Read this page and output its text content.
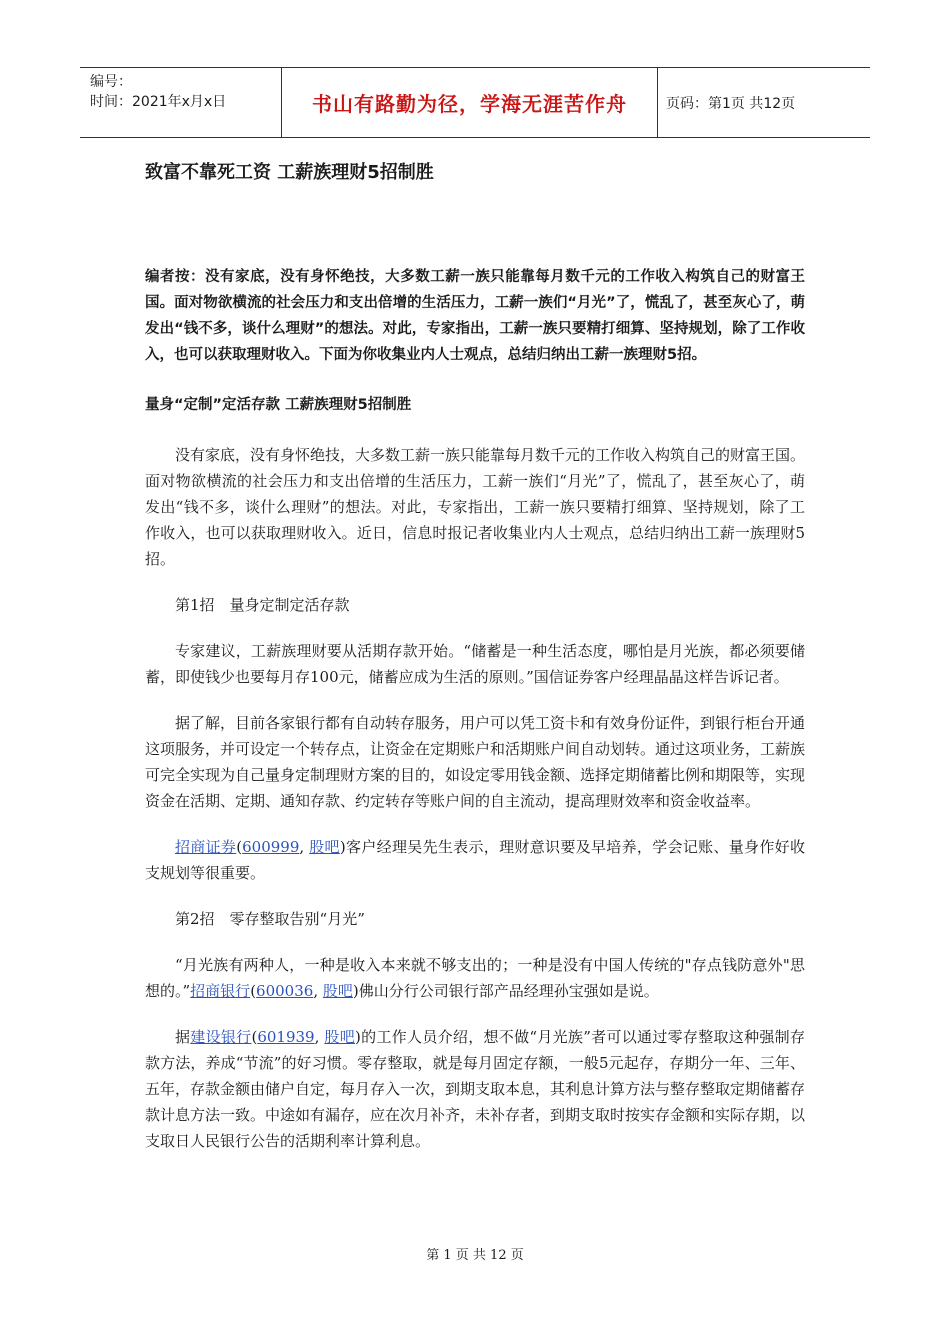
编号：
时间：2021年x月x日	书山有路勤为径，学海无涯苦作舟	页码：第1页 共12页
致富不靠死工资 工薪族理财5招制胜
编者按：没有家底，没有身怀绝技，大多数工薪一族只能靠每月数千元的工作收入构筑自己的财富王国。面对物欲横流的社会压力和支出倍增的生活压力，工薪一族们“月光”了，慌乱了，甚至灰心了，萌发出“钱不多，谈什么理财”的想法。对此，专家指出，工薪一族只要精打细算、坚持规划，除了工作收入，也可以获取理财收入。下面为你收集业内人士观点，总结归纳出工薪一族理财5招。
量身“定制”定活存款 工薪族理财5招制胜

没有家底，没有身怀绝技，大多数工薪一族只能靠每月数千元的工作收入构筑自己的财富王国。面对物欲横流的社会压力和支出倍增的生活压力，工薪一族们“月光”了，慌乱了，甚至灰心了，萌发出“钱不多，谈什么理财”的想法。对此，专家指出，工薪一族只要精打细算、坚持规划，除了工作收入，也可以获取理财收入。近日，信息时报记者收集业内人士观点，总结归纳出工薪一族理财5招。

第1招　量身定制定活存款

专家建议，工薪族理财要从活期存款开始。“储蓄是一种生活态度，哪怕是月光族，都必须要储蓄，即使钱少也要每月存100元，储蓄应成为生活的原则。”国信证券客户经理晶晶这样告诉记者。

据了解，目前各家银行都有自动转存服务，用户可以凭工资卡和有效身份证件，到银行柜台开通这项服务，并可设定一个转存点，让资金在定期账户和活期账户间自动划转。通过这项业务，工薪族可完全实现为自己量身定制理财方案的目的，如设定零用钱金额、选择定期储蓄比例和期限等，实现资金在活期、定期、通知存款、约定转存等账户间的自主流动，提高理财效率和资金收益率。

招商证券(600999, 股吧)客户经理吴先生表示，理财意识要及早培养，学会记账、量身作好收支规划等很重要。

第2招　零存整取告别“月光”

“月光族有两种人，一种是收入本来就不够支出的；一种是没有中国人传统的"存点钱防意外"思想的。”招商银行(600036, 股吧)佛山分行公司银行部产品经理孙宝强如是说。

据建设银行(601939, 股吧)的工作人员介绍，想不做“月光族”者可以通过零存整取这种强制存款方法，养成“节流”的好习惯。零存整取，就是每月固定存额，一般5元起存，存期分一年、三年、五年，存款金额由储户自定，每月存入一次，到期支取本息，其利息计算方法与整存整取定期储蓄存款计息方法一致。中途如有漏存，应在次月补齐，未补存者，到期支取时按实存金额和实际存期，以支取日人民银行公告的活期利率计算利息。

第 1 页 共 12 页
